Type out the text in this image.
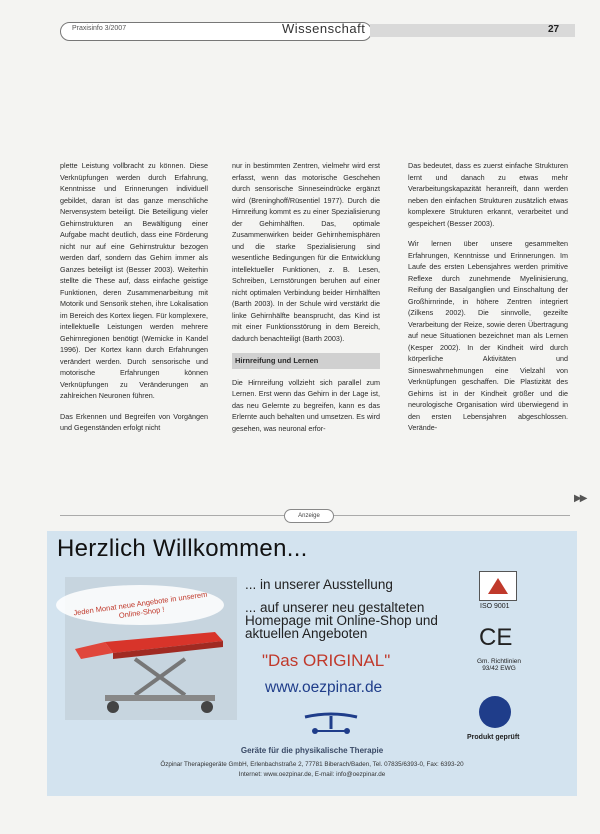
Praxisinfo 3/2007	Wissenschaft	27

plette Leistung vollbracht zu können. Diese Verknüpfungen werden durch Erfahrung, Kenntnisse und Erinnerungen individuell gebildet, daran ist das ganze menschliche Nervensystem beteiligt. Die Beteiligung vieler Gehirnstrukturen an Bewältigung einer Aufgabe macht deutlich, dass eine Förderung nicht nur auf eine Gehirnstruktur bezogen werden darf, sondern das Gehirn immer als Ganzes beteiligt ist (Besser 2003). Weiterhin stellte die These auf, dass einfache geistige Funktionen, deren Zusammenarbeitung mit Motorik und Sensorik stehen, ihre Lokalisation im Bereich des Kortex liegen. Für komplexere, intellektuelle Leistungen werden mehrere Gehirnregionen benötigt (Wernicke in Kandel 1996). Der Kortex kann durch Erfahrungen verändert werden. Durch sensorische und motorische Erfahrungen können Verknüpfungen zu Veränderungen an zahlreichen Neuronen führen.

Das Erkennen und Begreifen von Vorgängen und Gegenständen erfolgt nicht

nur in bestimmten Zentren, vielmehr wird erst erfasst, wenn das motorische Geschehen durch sensorische Sinneseindrücke ergänzt wird (Breninghoff/Rüsentiel 1977). Durch die Hirnreifung kommt es zu einer Spezialisierung der Gehirnhälften. Das, optimale Zusammenwirken beider Gehirnhemisphären und die starke Spezialisierung sind wesentliche Bedingungen für die Entwicklung intellektueller Funktionen, z. B. Lesen, Schreiben, Lernstörungen beruhen auf einer nicht optimalen Verbindung beider Hirnhälften (Barth 2003). In der Schule wird verstärkt die linke Gehirnhälfte beansprucht, das Kind ist mit einer Funktionsstörung in dem Bereich, dadurch benachteiligt (Barth 2003).

Hirnreifung und Lernen

Die Hirnreifung vollzieht sich parallel zum Lernen. Erst wenn das Gehirn in der Lage ist, das neu Gelernte zu begreifen, kann es das Erlernte auch behalten und umsetzen. Es wird gesehen, was neuronal erfor-

Das bedeutet, dass es zuerst einfache Strukturen lernt und danach zu etwas mehr Verarbeitungskapazität heranreift, dann werden neben den einfachen Strukturen zusätzlich etwas komplexere Strukturen erkannt, verarbeitet und gespeichert (Besser 2003).

Wir lernen über unsere gesammelten Erfahrungen, Kenntnisse und Erinnerungen. Im Laufe des ersten Lebensjahres werden primitive Reflexe durch zunehmende Myelinisierung, Reifung der Basalganglien und Einschaltung der Großhirnrinde, in höhere Zentren integriert (Zilkens 2002). Die sinnvolle, gezeilte Verarbeitung der Reize, sowie deren Übertragung auf neue Situationen bezeichnet man als Lernen (Kesper 2002). In der Kindheit wird durch körperliche Aktivitäten und Sinneswahrnehmungen eine Vielzahl von Verknüpfungen geschaffen. Die Plastizität des Gehirns ist in der Kindheit größer und die neurologische Organisation wird überwiegend in den ersten Lebensjahren abgeschlossen. Verände-

▶▶
Anzeige
Herzlich Willkommen...
Jeden Monat neue Angebote in unserem Online-Shop !
... in unserer Ausstellung
... auf unserer neu gestalteten Homepage mit Online-Shop und aktuellen Angeboten
"Das ORIGINAL"
www.oezpinar.de
Geräte für die physikalische Therapie
Özpinar Therapiegeräte GmbH, Erlenbachstraße 2, 77781 Biberach/Baden, Tel. 07835/6393-0, Fax: 6393-20
Internet: www.oezpinar.de, E-mail: info@oezpinar.de
ISO 9001
CE
Gm. Richtlinien 93/42 EWG
Produkt geprüft
